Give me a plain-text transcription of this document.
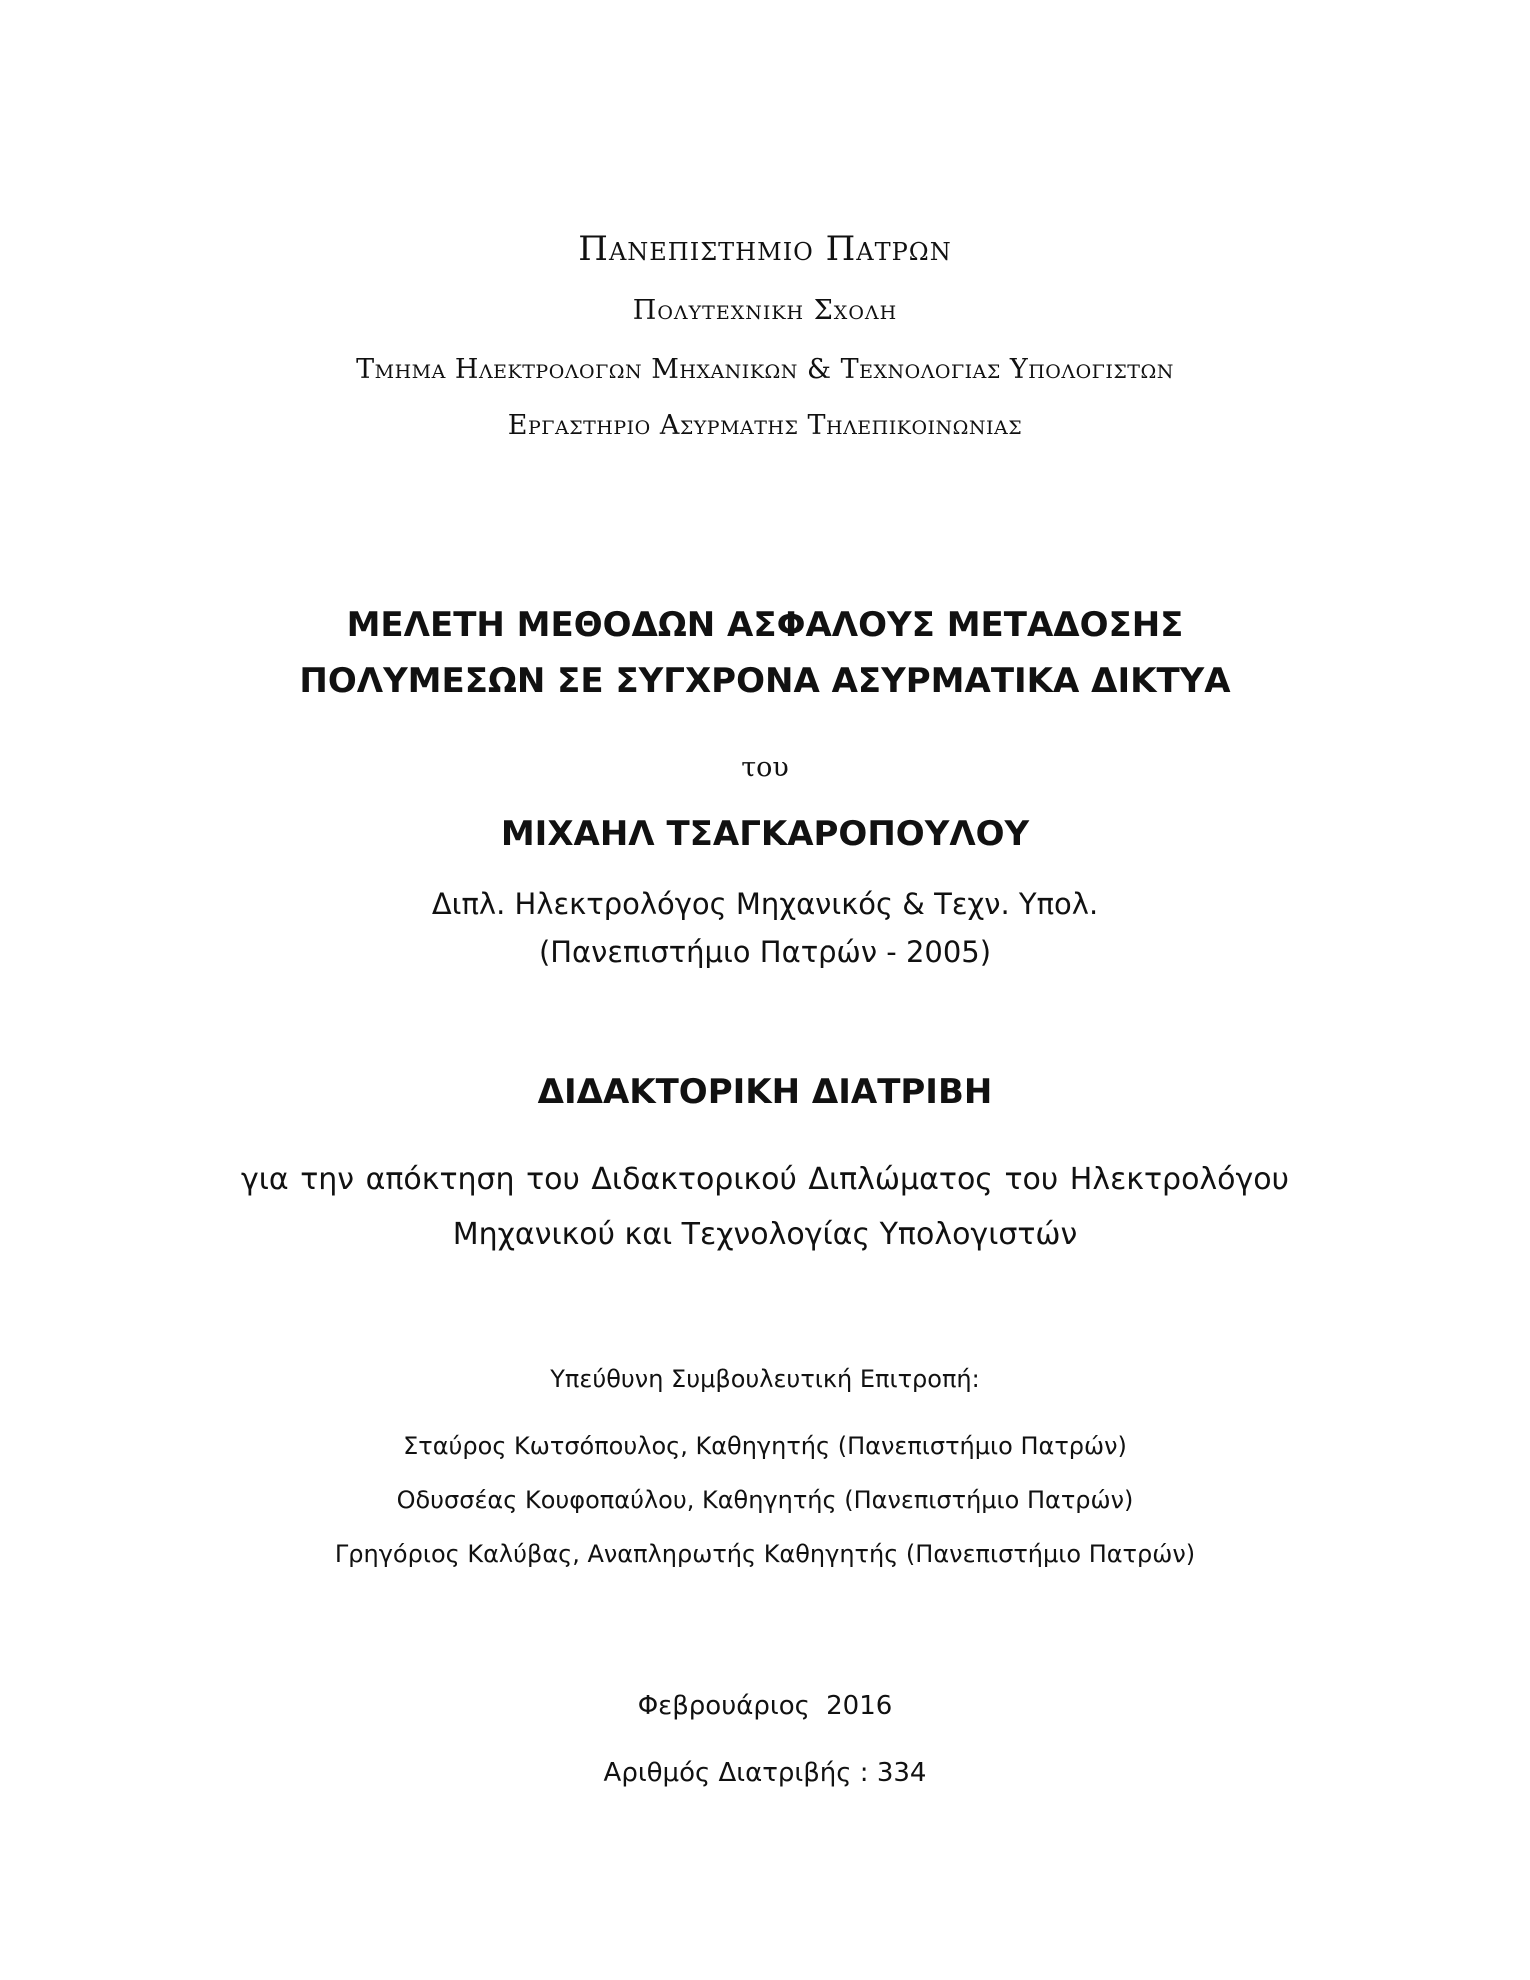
Πανεπιστημιο Πατρων
Πολυτεχνικη Σχολη
Τμημα Ηλεκτρολογων Μηχανικων & Τεχνολογιας Υπολογιστων
Εργαστηριο Ασυρματης Τηλεπικοινωνιας
ΜΕΛΕΤΗ ΜΕΘΟΔΩΝ ΑΣΦΑΛΟΥΣ ΜΕΤΑΔΟΣΗΣ
ΠΟΛΥΜΕΣΩΝ ΣΕ ΣΥΓΧΡΟΝΑ ΑΣΥΡΜΑΤΙΚΑ ΔΙΚΤΥΑ
του
ΜΙΧΑΗΛ ΤΣΑΓΚΑΡΟΠΟΥΛΟΥ
Διπλ. Ηλεκτρολόγος Μηχανικός & Τεχν. Υπολ.
(Πανεπιστήμιο Πατρών - 2005)
ΔΙΔΑΚΤΟΡΙΚΗ ΔΙΑΤΡΙΒΗ
για την απόκτηση του Διδακτορικού Διπλώματος του Ηλεκτρολόγου
Μηχανικού και Τεχνολογίας Υπολογιστών
Υπεύθυνη Συμβουλευτική Επιτροπή:
Σταύρος Κωτσόπουλος, Καθηγητής (Πανεπιστήμιο Πατρών)
Οδυσσέας Κουφοπαύλου, Καθηγητής (Πανεπιστήμιο Πατρών)
Γρηγόριος Καλύβας, Αναπληρωτής Καθηγητής (Πανεπιστήμιο Πατρών)
Φεβρουάριος 2016
Αριθμός Διατριβής : 334
